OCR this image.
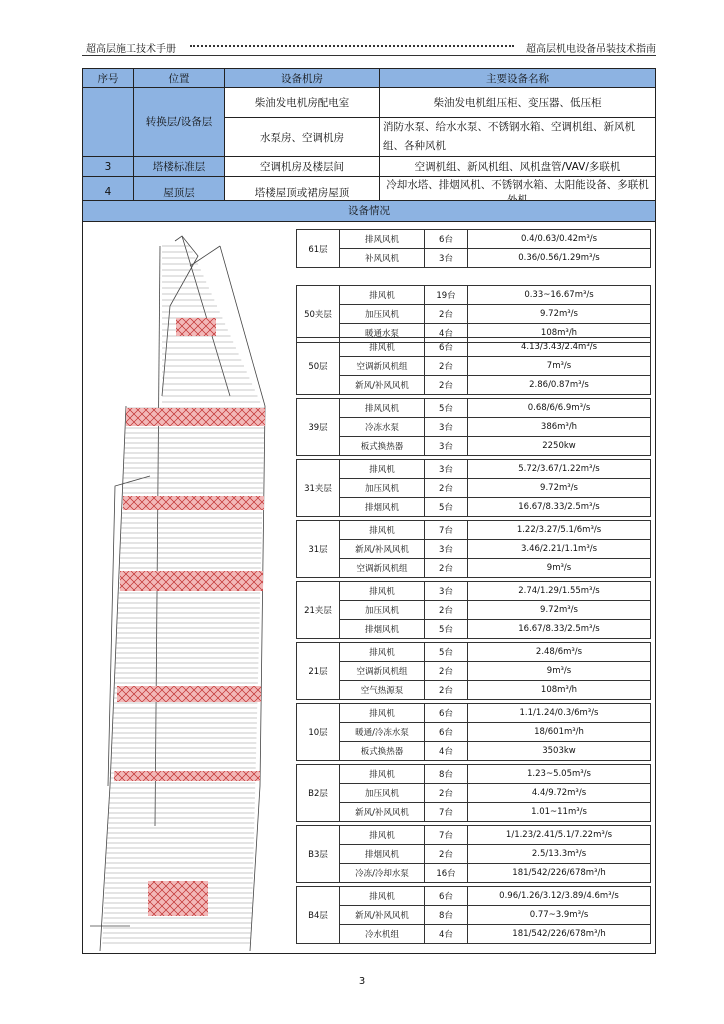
超高层施工技术手册	超高层机电设备吊装技术指南
序号	位置	设备机房	主要设备名称
	转换层/设备层	柴油发电机房配电室	柴油发电机组压柜、变压器、低压柜
		水泵房、空调机房	消防水泵、给水水泵、不锈钢水箱、空调机组、新风机组、各种风机
3	塔楼标准层	空调机房及楼层间	空调机组、新风机组、风机盘管/VAV/多联机
4	屋顶层	塔楼屋顶或裙房屋顶	冷却水塔、排烟风机、不锈钢水箱、太阳能设备、多联机
设备情况
61层	排风风机	6台	0.4/0.63/0.42m³/s
	补风风机	3台	0.36/0.56/1.29m³/s
50夹层	排风机	19台	0.33~16.67m³/s
	加压风机	2台	9.72m³/s
	暖通水泵	4台	108m³/h
50层	排风机	6台	4.13/3.43/2.4m³/s
	空调新风机组	2台	7m³/s
	新风/补风风机	2台	2.86/0.87m³/s
39层	排风风机	5台	0.68/6/6.9m³/s
	冷冻水泵	3台	386m³/h
	板式换热器	3台	2250kw
31夹层	排风机	3台	5.72/3.67/1.22m³/s
	加压风机	2台	9.72m³/s
	排烟风机	5台	16.67/8.33/2.5m³/s
31层	排风机	7台	1.22/3.27/5.1/6m³/s
	新风/补风风机	3台	3.46/2.21/1.1m³/s
	空调新风机组	2台	9m³/s
21夹层	排风机	3台	2.74/1.29/1.55m³/s
	加压风机	2台	9.72m³/s
	排烟风机	5台	16.67/8.33/2.5m³/s
21层	排风机	5台	2.48/6m³/s
	空调新风机组	2台	9m³/s
	空气热源泵	2台	108m³/h
10层	排风机	6台	1.1/1.24/0.3/6m³/s
	暖通/冷冻水泵	6台	18/601m³/h
	板式换热器	4台	3503kw
B2层	排风机	8台	1.23~5.05m³/s
	加压风机	2台	4.4/9.72m³/s
	新风/补风风机	7台	1.01~11m³/s
B3层	排风机	7台	1/1.23/2.41/5.1/7.22m³/s
	排烟风机	2台	2.5/13.3m³/s
	冷冻/冷却水泵	16台	181/542/226/678m³/h
B4层	排风机	6台	0.96/1.26/3.12/3.89/4.6m³/s
	新风/补风风机	8台	0.77~3.9m³/s
	冷水机组	4台	181/542/226/678m³/h
3
